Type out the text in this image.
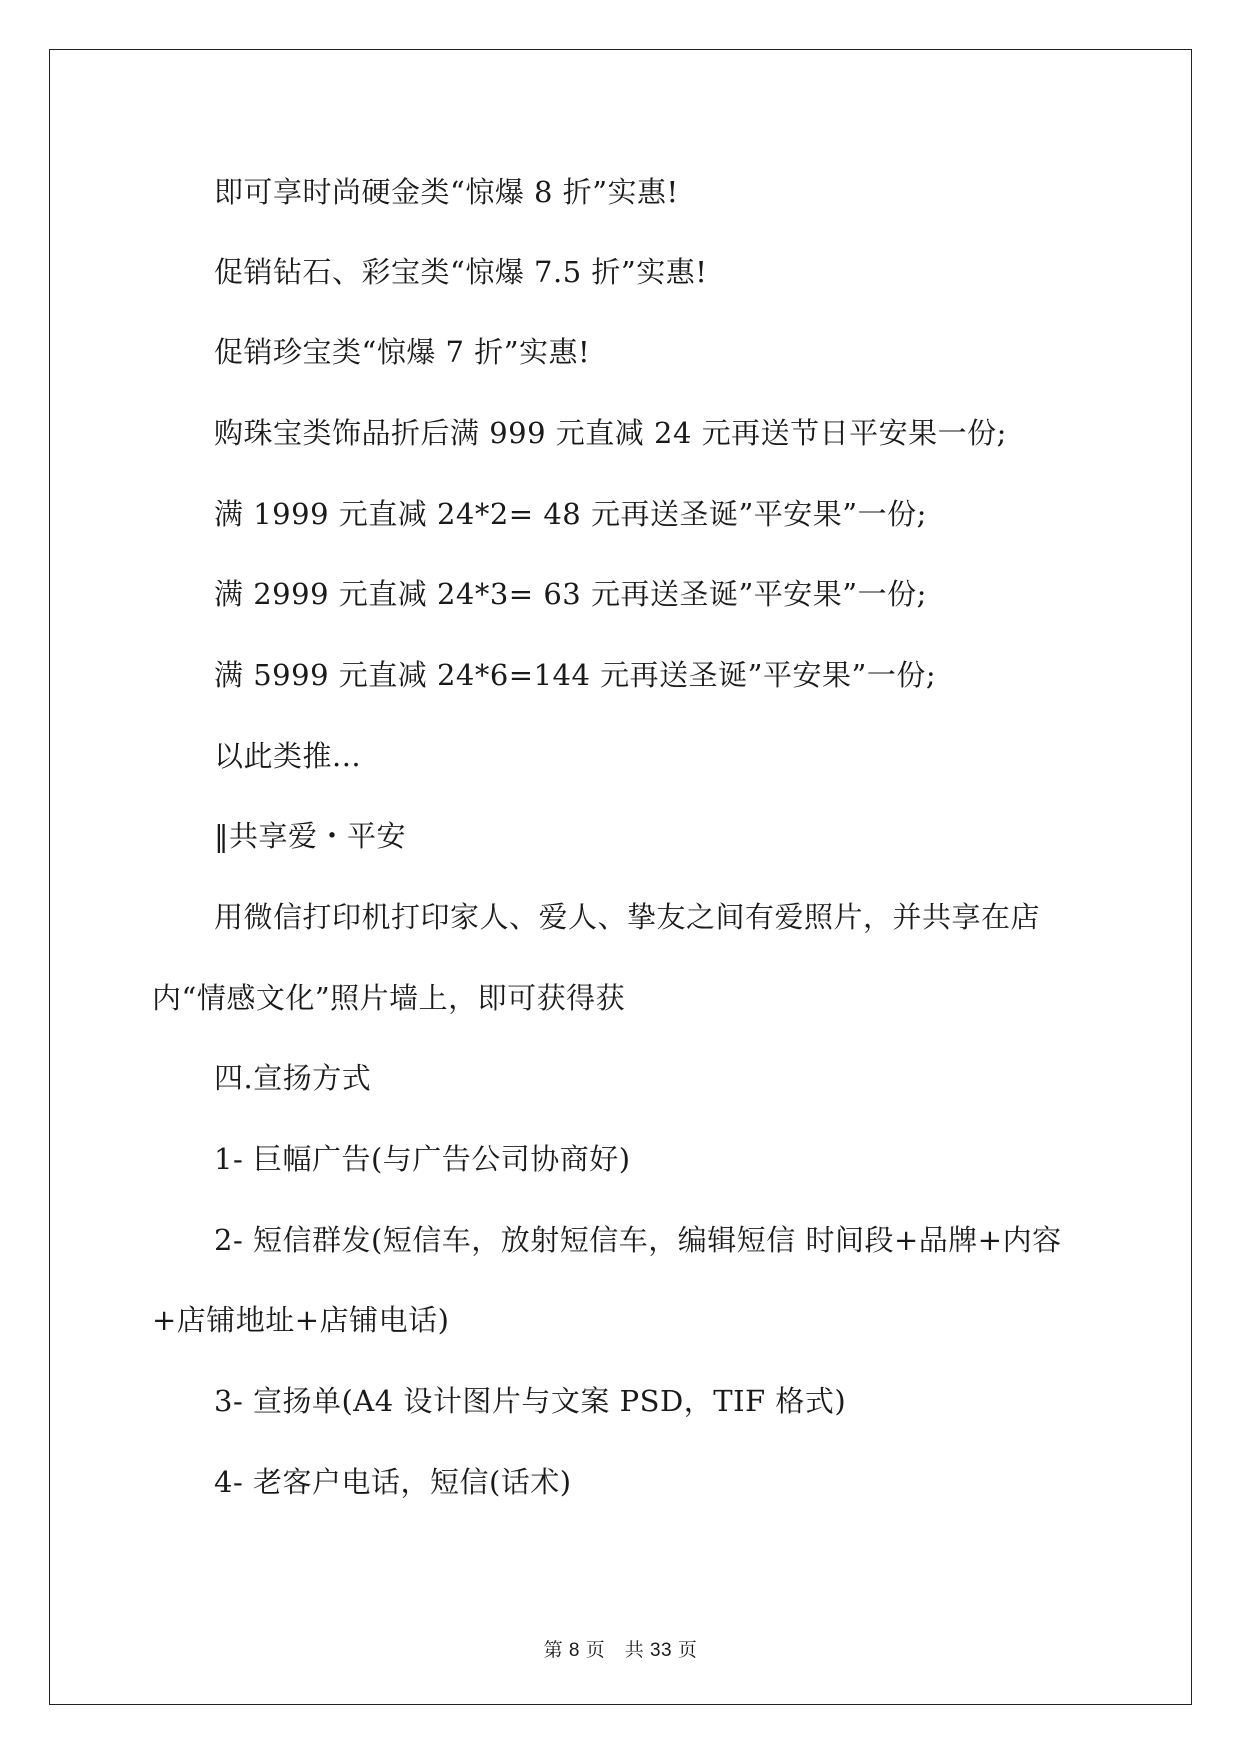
即可享时尚硬金类“惊爆 8 折”实惠!
促销钻石、彩宝类“惊爆 7.5 折”实惠!
促销珍宝类“惊爆 7 折”实惠!
购珠宝类饰品折后满 999 元直减 24 元再送节日平安果一份;
满 1999 元直减 24*2= 48 元再送圣诞”平安果”一份;
满 2999 元直减 24*3= 63 元再送圣诞”平安果”一份;
满 5999 元直减 24*6=144 元再送圣诞”平安果”一份;
以此类推...
‖共享爱・平安
用微信打印机打印家人、爱人、挚友之间有爱照片，并共享在店
内“情感文化”照片墙上，即可获得获
四.宣扬方式
1- 巨幅广告(与广告公司协商好)
2- 短信群发(短信车，放射短信车，编辑短信 时间段+品牌+内容
+店铺地址+店铺电话)
3- 宣扬单(A4 设计图片与文案 PSD，TIF 格式)
4- 老客户电话，短信(话术)
第 8 页　共 33 页
